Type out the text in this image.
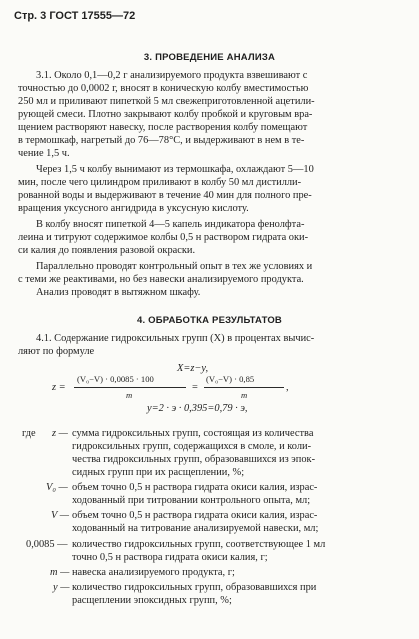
Стр. 3 ГОСТ 17555—72
3. ПРОВЕДЕНИЕ АНАЛИЗА
3.1. Около 0,1—0,2 г анализируемого продукта взвешивают с
точностью до 0,0002 г, вносят в коническую колбу вместимостью
250 мл и приливают пипеткой 5 мл свежеприготовленной ацетили-
рующей смеси. Плотно закрывают колбу пробкой и круговым вра-
щением растворяют навеску, после растворения колбу помещают
в термошкаф, нагретый до 76—78°С, и выдерживают в нем в те-
чение 1,5 ч.
Через 1,5 ч колбу вынимают из термошкафа, охлаждают 5—10
мин, после чего цилиндром приливают в колбу 50 мл дистилли-
рованной воды и выдерживают в течение 40 мин для полного пре-
вращения уксусного ангидрида в уксусную кислоту.
В колбу вносят пипеткой 4—5 капель индикатора фенолфта-
леина и титруют содержимое колбы 0,5 н раствором гидрата оки-
си калия до появления разовой окраски.
Параллельно проводят контрольный опыт в тех же условиях и
с теми же реактивами, но без навески анализируемого продукта.
Анализ проводят в вытяжном шкафу.
4. ОБРАБОТКА РЕЗУЛЬТАТОВ
4.1. Содержание гидроксильных групп (X) в процентах вычис-
ляют по формуле
X=z−y,
z =
(V₀−V) · 0,0085 · 100
m
=
(V₀−V) · 0,85
m
,
y=2 · э · 0,395=0,79 · э,
где z — сумма гидроксильных групп, состоящая из количества
гидроксильных групп, содержащихся в смоле, и коли-
чества гидроксильных групп, образовавшихся из эпок-
сидных групп при их расщеплении, %;
V₀ — объем точно 0,5 н раствора гидрата окиси калия, израс-
ходованный при титровании контрольного опыта, мл;
V — объем точно 0,5 н раствора гидрата окиси калия, израс-
ходованный на титрование анализируемой навески, мл;
0,0085 — количество гидроксильных групп, соответствующее 1 мл
точно 0,5 н раствора гидрата окиси калия, г;
m — навеска анализируемого продукта, г;
y — количество гидроксильных групп, образовавшихся при
расщеплении эпоксидных групп, %;
